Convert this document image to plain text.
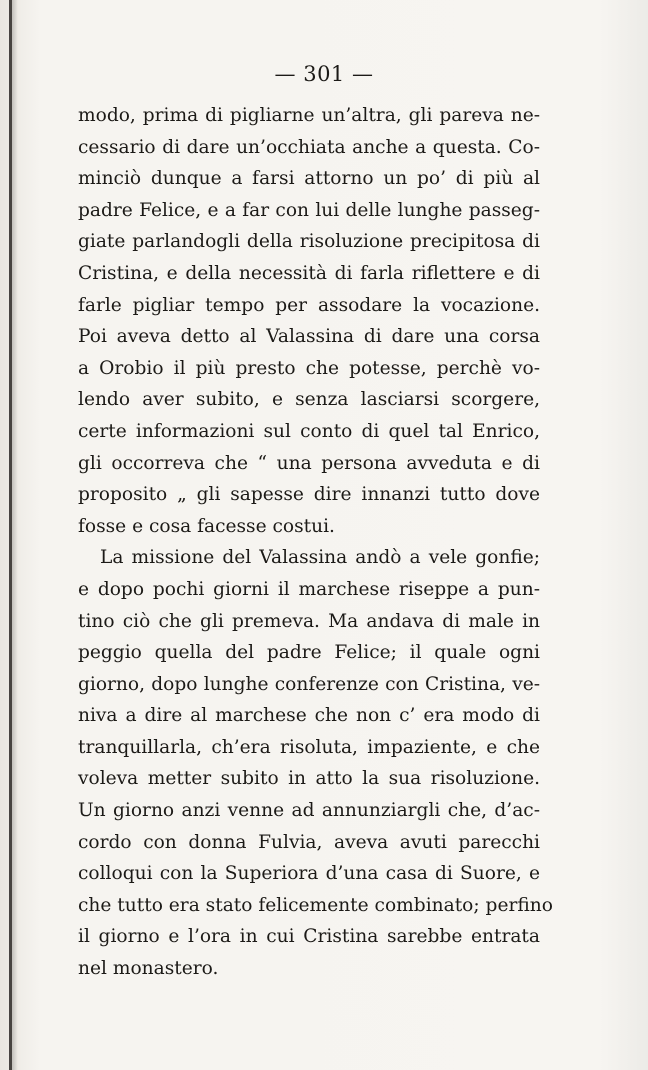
— 301 —
modo, prima di pigliarne un’altra, gli pareva ne-
cessario di dare un’occhiata anche a questa. Co-
minciò dunque a farsi attorno un po’ di più al
padre Felice, e a far con lui delle lunghe passeg-
giate parlandogli della risoluzione precipitosa di
Cristina, e della necessità di farla riflettere e di
farle pigliar tempo per assodare la vocazione.
Poi aveva detto al Valassina di dare una corsa
a Orobio il più presto che potesse, perchè vo-
lendo aver subito, e senza lasciarsi scorgere,
certe informazioni sul conto di quel tal Enrico,
gli occorreva che “ una persona avveduta e di
proposito „ gli sapesse dire innanzi tutto dove
fosse e cosa facesse costui.
La missione del Valassina andò a vele gonfie;
e dopo pochi giorni il marchese riseppe a pun-
tino ciò che gli premeva. Ma andava di male in
peggio quella del padre Felice; il quale ogni
giorno, dopo lunghe conferenze con Cristina, ve-
niva a dire al marchese che non c’ era modo di
tranquillarla, ch’era risoluta, impaziente, e che
voleva metter subito in atto la sua risoluzione.
Un giorno anzi venne ad annunziargli che, d’ac-
cordo con donna Fulvia, aveva avuti parecchi
colloqui con la Superiora d’una casa di Suore, e
che tutto era stato felicemente combinato; perfino
il giorno e l’ora in cui Cristina sarebbe entrata
nel monastero.
